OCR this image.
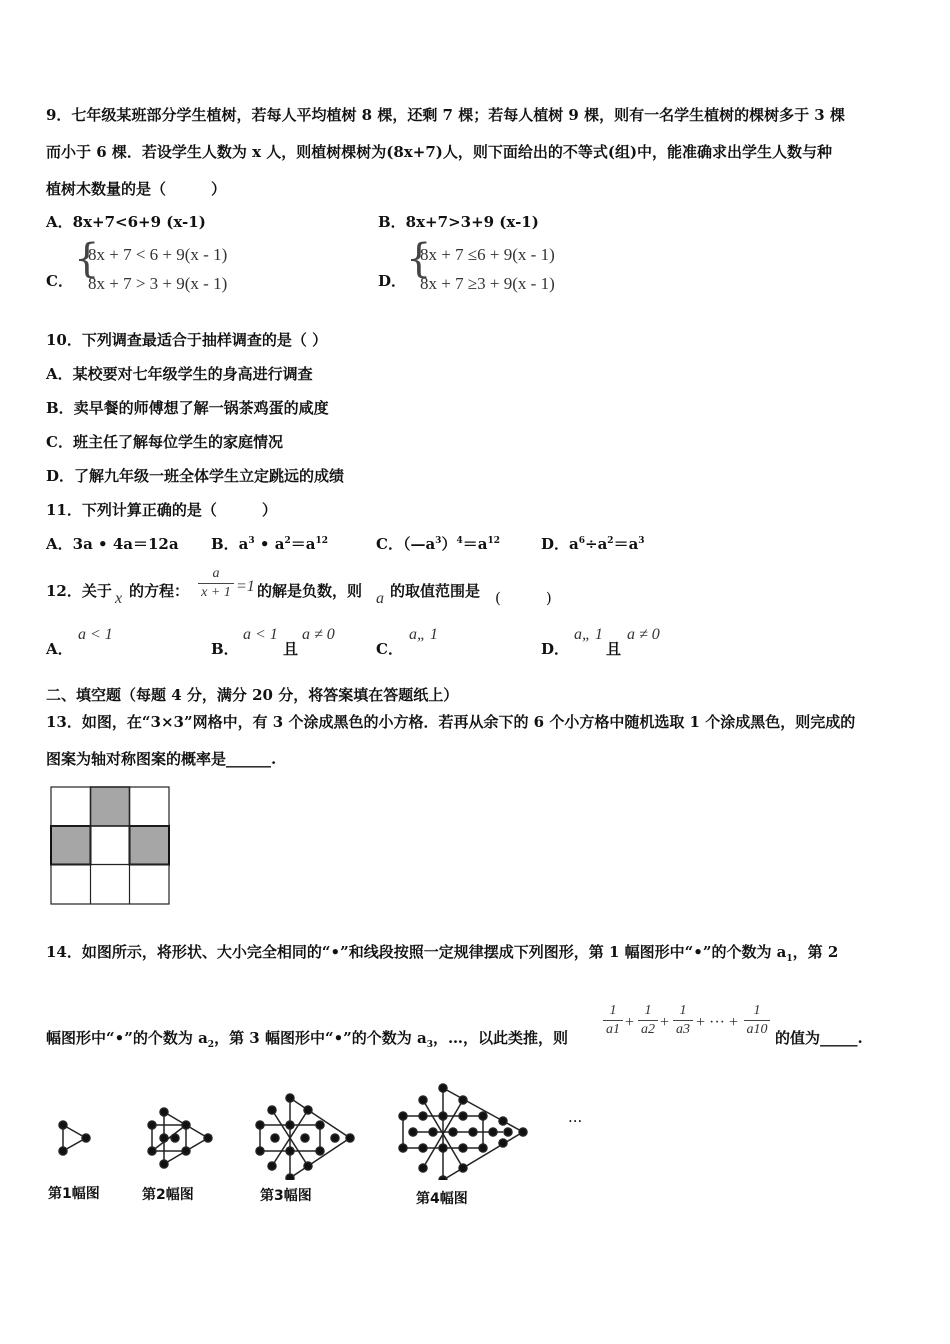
9．七年级某班部分学生植树，若每人平均植树 8 棵，还剩 7 棵；若每人植树 9 棵，则有一名学生植树的棵树多于 3 棵
而小于 6 棵．若设学生人数为 x 人，则植树棵树为(8x+7)人，则下面给出的不等式(组)中，能准确求出学生人数与种
植树木数量的是（　　　）
A．8x+7<6+9 (x-1)	B．8x+7>3+9 (x-1)
C． {
8x + 7 < 6 + 9(x - 1)
8x + 7 > 3 + 9(x - 1)	D． {
8x + 7 ≤6 + 9(x - 1)
8x + 7 ≥3 + 9(x - 1)
10．下列调查最适合于抽样调查的是（ ）
A．某校要对七年级学生的身高进行调查
B．卖早餐的师傅想了解一锅茶鸡蛋的咸度
C．班主任了解每位学生的家庭情况
D．了解九年级一班全体学生立定跳远的成绩
11．下列计算正确的是（　　　）
A．3a • 4a＝12a B．$a^3$ • $a^2=a^{12}$	C．$(—a^3)^4=a^{12}$	D．$a^6\div a^2=a^3$
12．关于 x 的方程：
a
x + 1 =1 的解是负数，则 a 的取值范围是 (　　　)
A．
a < 1
B．
a < 1
且
a ≠ 0
C．
a„ 1
D．
a„ 1
且
a ≠ 0
二、填空题（每题 4 分，满分 20 分，将答案填在答题纸上）
13．如图，在“3×3”网格中，有 3 个涂成黑色的小方格．若再从余下的 6 个小方格中随机选取 1 个涂成黑色，则完成的
图案为轴对称图案的概率是______.
14．如图所示，将形状、大小完全相同的“•”和线段按照一定规律摆成下列图形，第 1 幅图形中“•”的个数为 $a_1$，第 2
幅图形中“•”的个数为 $a_2$，第 3 幅图形中“•”的个数为 $a_3$，…，以此类推，则
1
a1 +
1
a2 +
1
a3 + ··· +
1
a10 的值为_____.
···
第1幅图	第2幅图	第3幅图	第4幅图
